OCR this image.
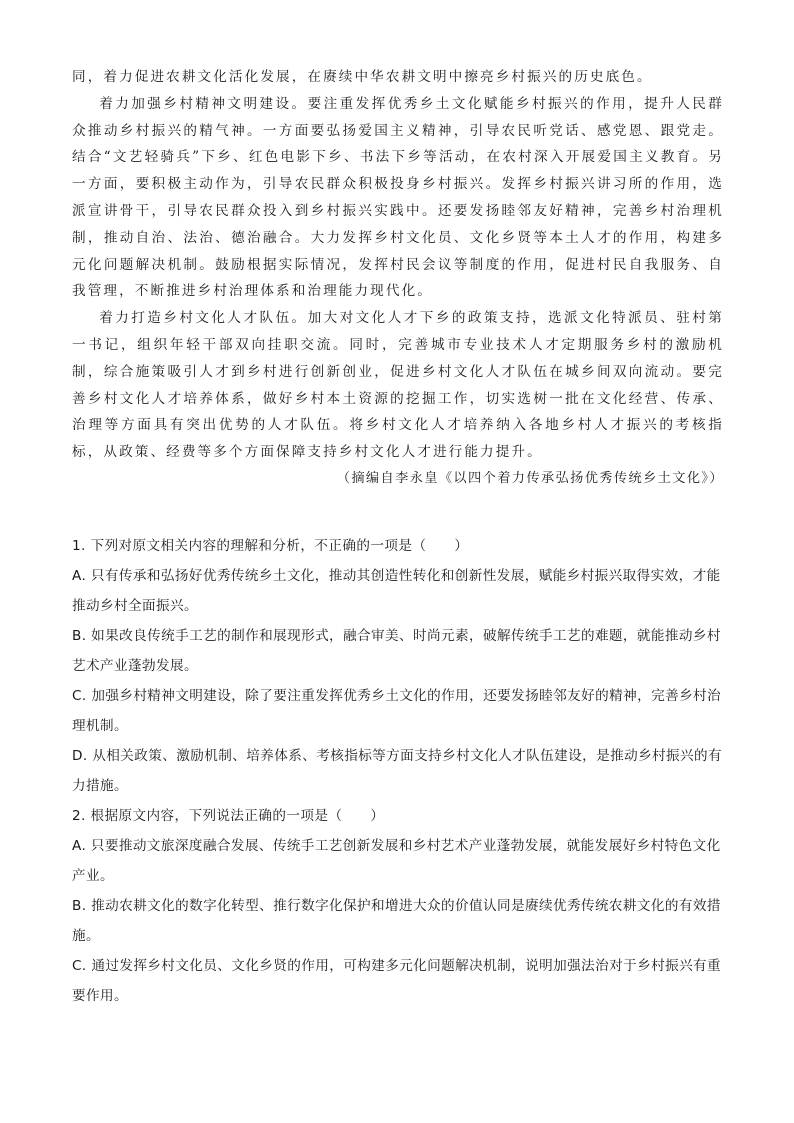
同，着力促进农耕文化活化发展，在赓续中华农耕文明中擦亮乡村振兴的历史底色。

着力加强乡村精神文明建设。要注重发挥优秀乡土文化赋能乡村振兴的作用，提升人民群众推动乡村振兴的精气神。一方面要弘扬爱国主义精神，引导农民听党话、感党恩、跟党走。结合“文艺轻骑兵”下乡、红色电影下乡、书法下乡等活动，在农村深入开展爱国主义教育。另一方面，要积极主动作为，引导农民群众积极投身乡村振兴。发挥乡村振兴讲习所的作用，选派宣讲骨干，引导农民群众投入到乡村振兴实践中。还要发扬睦邻友好精神，完善乡村治理机制，推动自治、法治、德治融合。大力发挥乡村文化员、文化乡贤等本土人才的作用，构建多元化问题解决机制。鼓励根据实际情况，发挥村民会议等制度的作用，促进村民自我服务、自我管理，不断推进乡村治理体系和治理能力现代化。

着力打造乡村文化人才队伍。加大对文化人才下乡的政策支持，选派文化特派员、驻村第一书记，组织年轻干部双向挂职交流。同时，完善城市专业技术人才定期服务乡村的激励机制，综合施策吸引人才到乡村进行创新创业，促进乡村文化人才队伍在城乡间双向流动。要完善乡村文化人才培养体系，做好乡村本土资源的挖掘工作，切实选树一批在文化经营、传承、治理等方面具有突出优势的人才队伍。将乡村文化人才培养纳入各地乡村人才振兴的考核指标，从政策、经费等多个方面保障支持乡村文化人才进行能力提升。

（摘编自李永皇《以四个着力传承弘扬优秀传统乡土文化》）

1. 下列对原文相关内容的理解和分析，不正确的一项是（　　）

A. 只有传承和弘扬好优秀传统乡土文化，推动其创造性转化和创新性发展，赋能乡村振兴取得实效，才能推动乡村全面振兴。

B. 如果改良传统手工艺的制作和展现形式，融合审美、时尚元素，破解传统手工艺的难题，就能推动乡村艺术产业蓬勃发展。

C. 加强乡村精神文明建设，除了要注重发挥优秀乡土文化的作用，还要发扬睦邻友好的精神，完善乡村治理机制。

D. 从相关政策、激励机制、培养体系、考核指标等方面支持乡村文化人才队伍建设，是推动乡村振兴的有力措施。

2. 根据原文内容，下列说法正确的一项是（　　）

A. 只要推动文旅深度融合发展、传统手工艺创新发展和乡村艺术产业蓬勃发展，就能发展好乡村特色文化产业。

B. 推动农耕文化的数字化转型、推行数字化保护和增进大众的价值认同是赓续优秀传统农耕文化的有效措施。

C. 通过发挥乡村文化员、文化乡贤的作用，可构建多元化问题解决机制，说明加强法治对于乡村振兴有重要作用。
